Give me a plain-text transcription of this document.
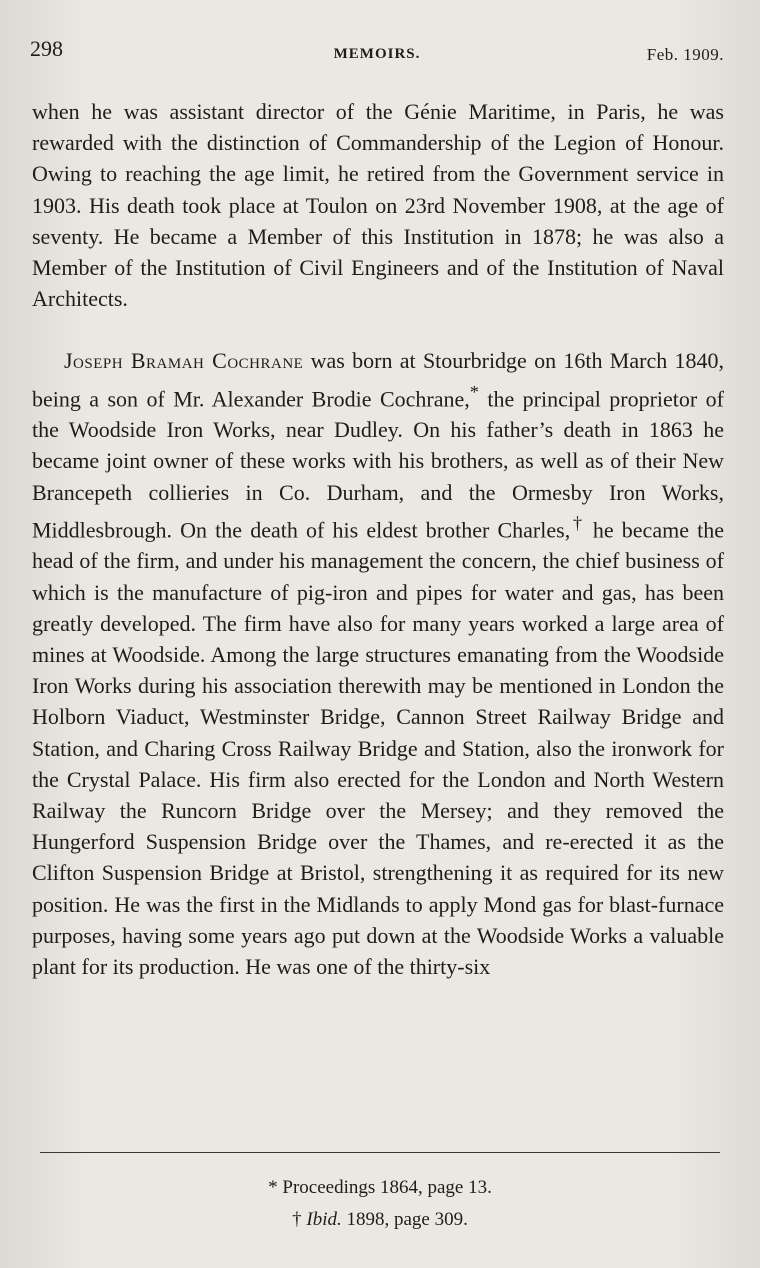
298	MEMOIRS.	Feb. 1909.

when he was assistant director of the Génie Maritime, in Paris, he was rewarded with the distinction of Commandership of the Legion of Honour. Owing to reaching the age limit, he retired from the Government service in 1903. His death took place at Toulon on 23rd November 1908, at the age of seventy. He became a Member of this Institution in 1878; he was also a Member of the Institution of Civil Engineers and of the Institution of Naval Architects.

Joseph Bramah Cochrane was born at Stourbridge on 16th March 1840, being a son of Mr. Alexander Brodie Cochrane,* the principal proprietor of the Woodside Iron Works, near Dudley. On his father’s death in 1863 he became joint owner of these works with his brothers, as well as of their New Brancepeth collieries in Co. Durham, and the Ormesby Iron Works, Middlesbrough. On the death of his eldest brother Charles,† he became the head of the firm, and under his management the concern, the chief business of which is the manufacture of pig-iron and pipes for water and gas, has been greatly developed. The firm have also for many years worked a large area of mines at Woodside. Among the large structures emanating from the Woodside Iron Works during his association therewith may be mentioned in London the Holborn Viaduct, Westminster Bridge, Cannon Street Railway Bridge and Station, and Charing Cross Railway Bridge and Station, also the ironwork for the Crystal Palace. His firm also erected for the London and North Western Railway the Runcorn Bridge over the Mersey; and they removed the Hungerford Suspension Bridge over the Thames, and re-erected it as the Clifton Suspension Bridge at Bristol, strengthening it as required for its new position. He was the first in the Midlands to apply Mond gas for blast-furnace purposes, having some years ago put down at the Woodside Works a valuable plant for its production. He was one of the thirty-six

* Proceedings 1864, page 13.
† Ibid. 1898, page 309.
